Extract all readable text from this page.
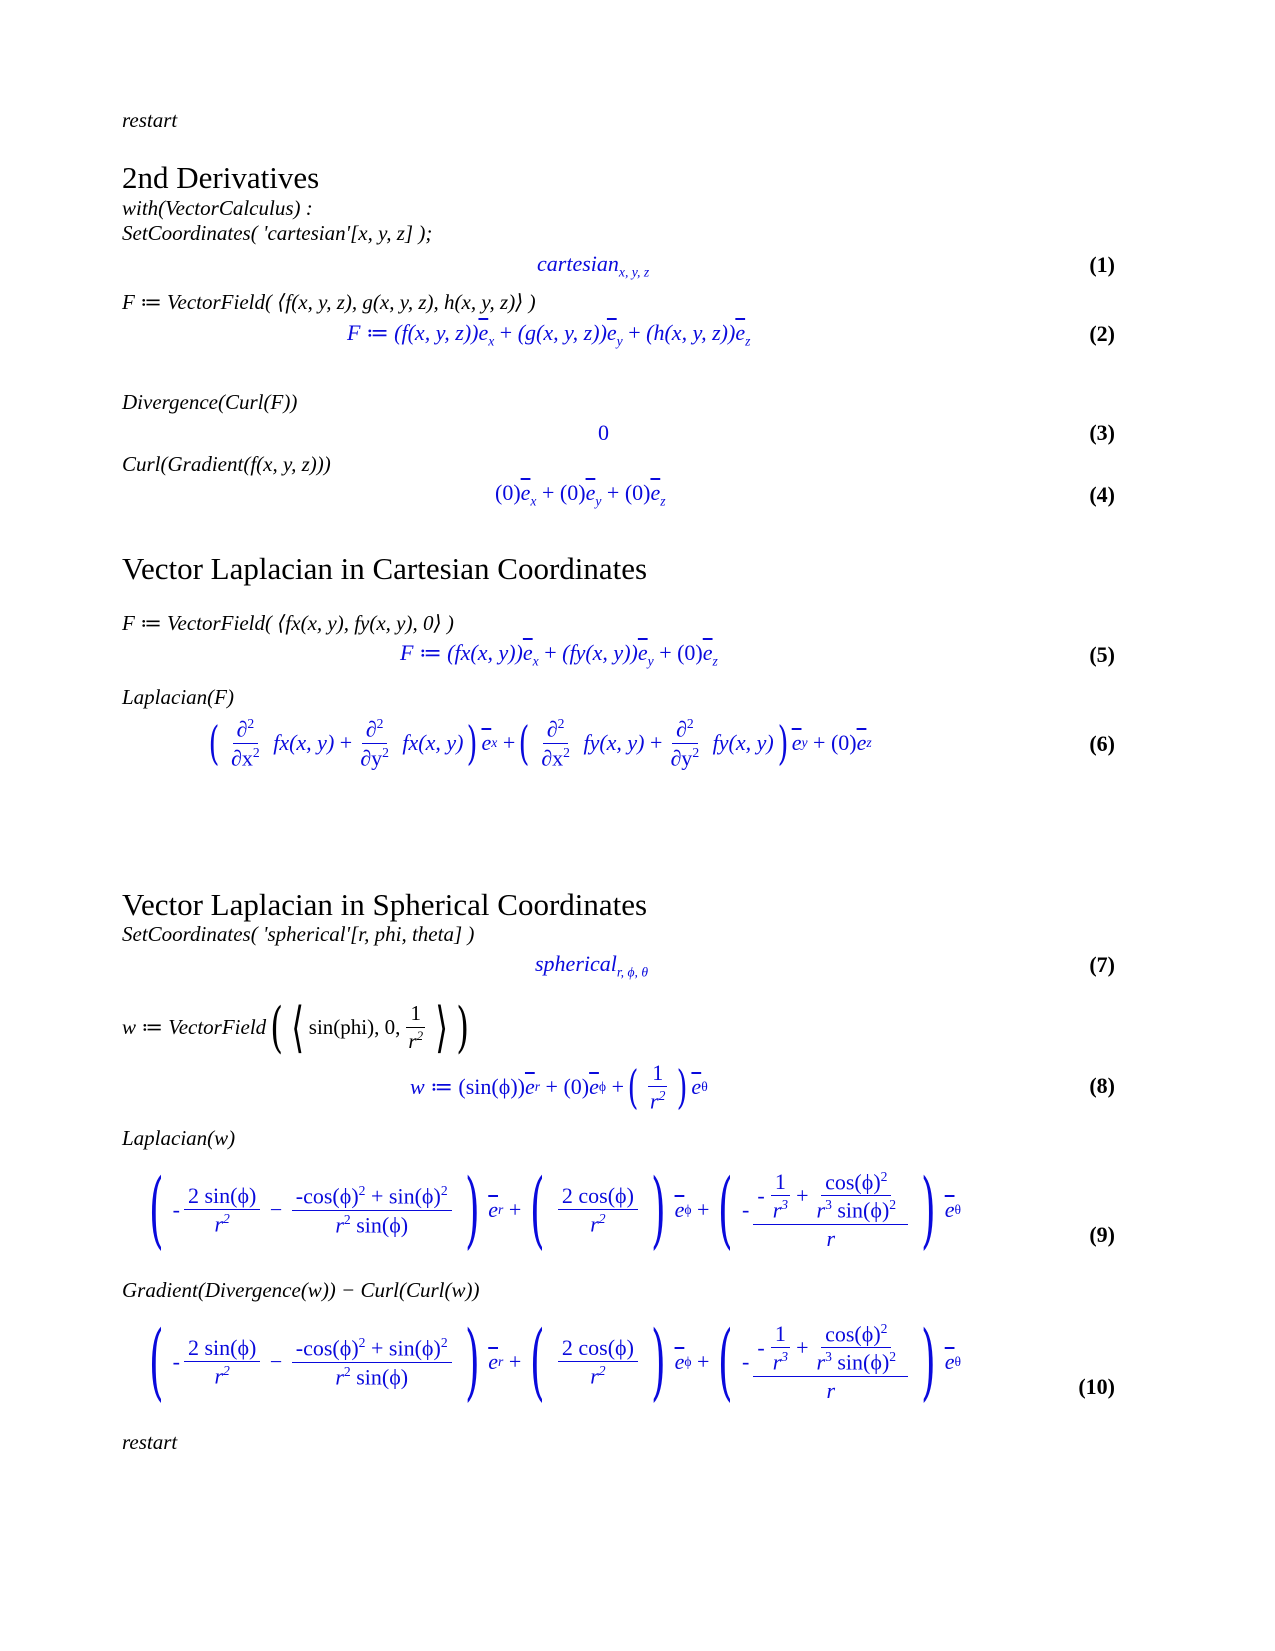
restart
2nd Derivatives
with(VectorCalculus) :
SetCoordinates( 'cartesian'[x, y, z] );
cartesian$_{x, y, z}$	(1)
F ≔ VectorField( ⟨f(x, y, z), g(x, y, z), h(x, y, z)⟩ )
F ≔ (f(x, y, $z))\overline{e}_x + (g(x$, y, $z))\overline{e}_y + (h(x$, y, $z))\overline{e}_z$	(2)
Divergence(Curl(F))
0	(3)
Curl(Gradient(f(x, y, z)))
$(0)\overline{e}_x + (0)\overline{e}_y + (0)\overline{e}_z$	(4)
Vector Laplacian in Cartesian Coordinates
F ≔ VectorField( ⟨fx(x, y), fy(x, y), 0⟩ )
F ≔ (fx(x, $y))\overline{e}_x + (fy(x$, $y))\overline{e}_y + (0)\overline{e}_z$	(5)
Laplacian(F)
( $\frac{\partial^2}{\partial x^2} fx(x$, $y) + \frac{\partial^2}{\partial y^2} fx(x$, y) ) $\overline{e}$ x + ( $\frac{\partial^2}{\partial x^2} fy(x$, $y) + \frac{\partial^2}{\partial y^2} fy(x$, y) ) $\overline{e}$ y + (0) $\overline{e}$ z	(6)
Vector Laplacian in Spherical Coordinates
SetCoordinates( 'spherical'[r, phi, theta] )
spherical$_{r, \phi, \theta}$	(7)
w ≔ VectorField ( ⟨ sin(phi), 0, $\frac{1}{r^2}$ ⟩ )
w ≔
(sin(ϕ)) $\overline{e}$ r + (0) $\overline{e}$ ϕ + ( $\frac{1}{r^2}$ ) $\overline{e}$ θ	(8)
Laplacian(w)
( - $\frac{2 \sin(\phi)}{r^2} - \frac{-\cos(\phi)^2 + \sin(\phi)^2}{r^2 \sin(\phi)}$ ) $\overline{e}$ r + ( $\frac{2 \cos(\phi)}{r^2}$ ) $\overline{e}$ ϕ + ( - $\frac{- \frac{1}{r^3} + \frac{\cos(\phi)^2}{r^3 \sin(\phi)^2}}{r}$ ) $\overline{e}$ θ
(9)
Gradient(Divergence(w)) − Curl(Curl(w))
( - $\frac{2 \sin(\phi)}{r^2} - \frac{-\cos(\phi)^2 + \sin(\phi)^2}{r^2 \sin(\phi)}$ ) $\overline{e}$ r + ( $\frac{2 \cos(\phi)}{r^2}$ ) $\overline{e}$ ϕ + ( - $\frac{- \frac{1}{r^3} + \frac{\cos(\phi)^2}{r^3 \sin(\phi)^2}}{r}$ ) $\overline{e}$ θ
(10)
restart
